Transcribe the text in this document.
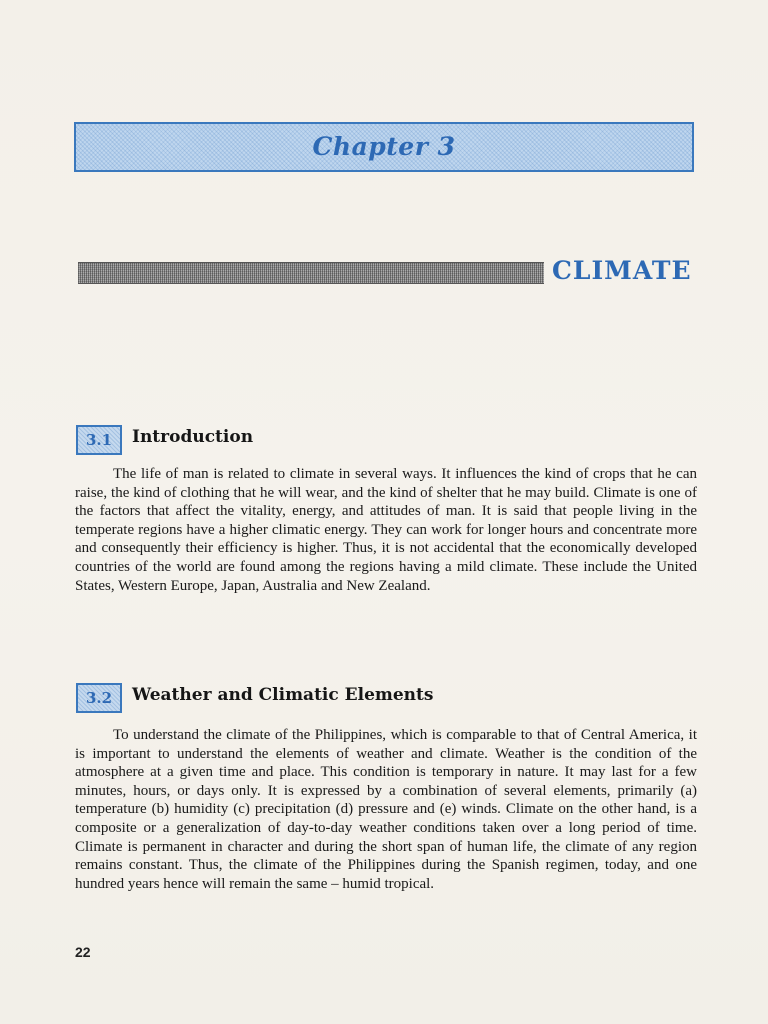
Chapter 3
CLIMATE
3.1	Introduction

The life of man is related to climate in several ways. It influences the kind of crops that he can raise, the kind of clothing that he will wear, and the kind of shelter that he may build. Climate is one of the factors that affect the vitality, energy, and attitudes of man. It is said that people living in the temperate regions have a higher climatic energy. They can work for longer hours and concentrate more and consequently their efficiency is higher. Thus, it is not accidental that the economically developed countries of the world are found among the regions having a mild climate. These include the United States, Western Europe, Japan, Australia and New Zealand.

3.2	Weather and Climatic Elements

To understand the climate of the Philippines, which is comparable to that of Central America, it is important to understand the elements of weather and climate. Weather is the condition of the atmosphere at a given time and place. This condition is temporary in nature. It may last for a few minutes, hours, or days only. It is expressed by a combination of several elements, primarily (a) temperature (b) humidity (c) precipitation (d) pressure and (e) winds. Climate on the other hand, is a composite or a generalization of day-to-day weather conditions taken over a long period of time. Climate is permanent in character and during the short span of human life, the climate of any region remains constant. Thus, the climate of the Philippines during the Spanish regimen, today, and one hundred years hence will remain the same – humid tropical.

22
